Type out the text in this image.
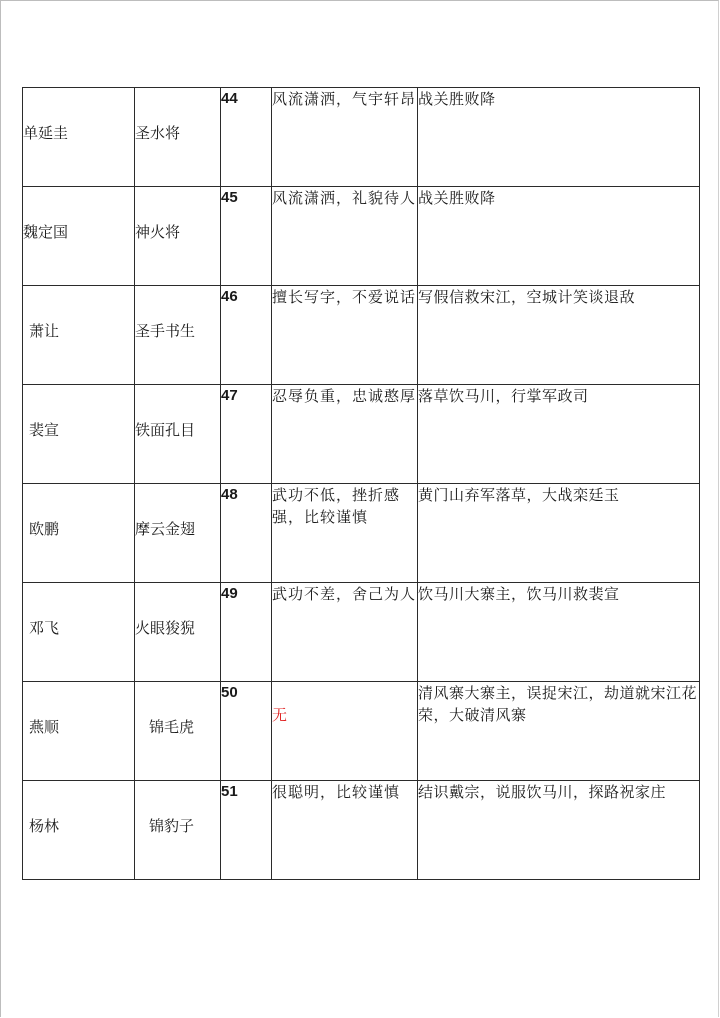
单延圭	圣水将	44	风流潇洒，气宇轩昂	战关胜败降
魏定国	神火将	45	风流潇洒，礼貌待人	战关胜败降
萧让	圣手书生	46	擅长写字，不爱说话	写假信救宋江，空城计笑谈退敌
裴宣	铁面孔目	47	忍辱负重，忠诚憨厚	落草饮马川，行掌军政司
欧鹏	摩云金翅	48	武功不低，挫折感强，比较谨慎	黄门山弃军落草，大战栾廷玉
邓飞	火眼狻猊	49	武功不差，舍己为人	饮马川大寨主，饮马川救裴宣
燕顺	锦毛虎	50	无	清风寨大寨主，误捉宋江，劫道就宋江花荣，大破清风寨
杨林	锦豹子	51	很聪明，比较谨慎	结识戴宗，说服饮马川，探路祝家庄
